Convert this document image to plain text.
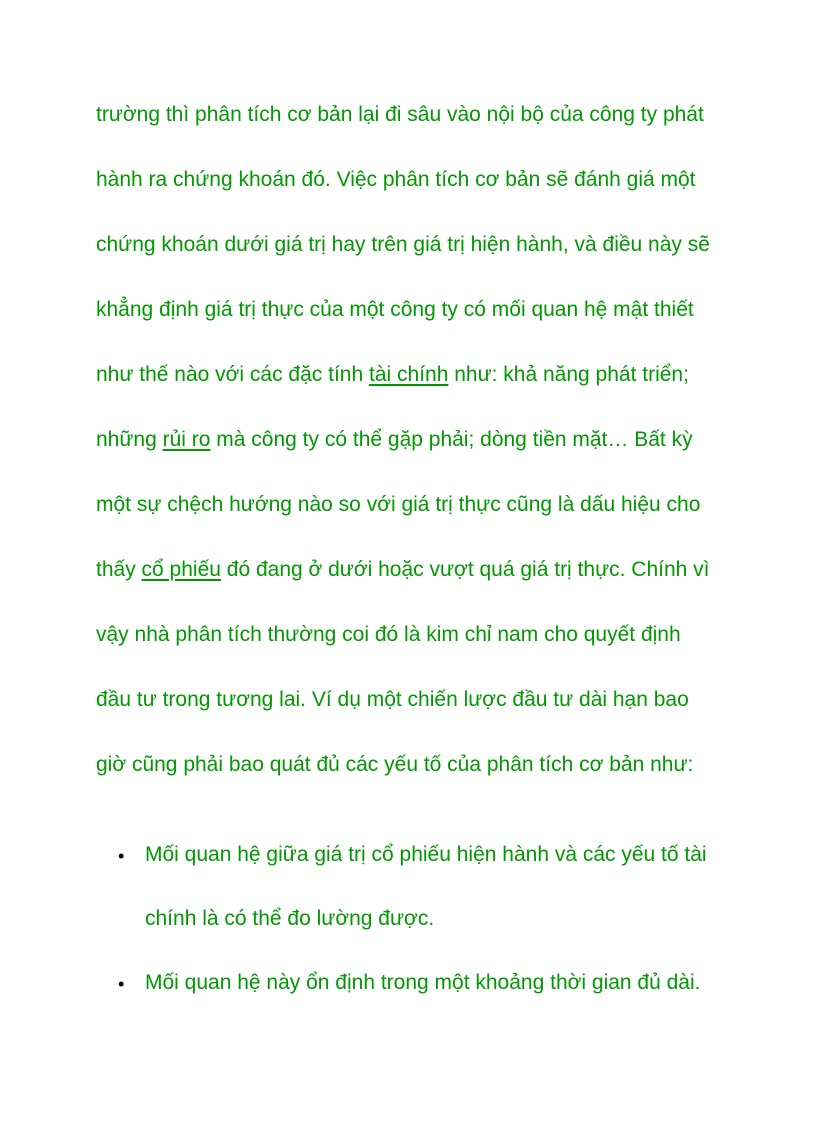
trường thì phân tích cơ bản lại đi sâu vào nội bộ của công ty phát
hành ra chứng khoán đó. Việc phân tích cơ bản sẽ đánh giá một
chứng khoán dưới giá trị hay trên giá trị hiện hành, và điều này sẽ
khẳng định giá trị thực của một công ty có mối quan hệ mật thiết
như thế nào với các đặc tính tài chính như: khả năng phát triển;
những rủi ro mà công ty có thể gặp phải; dòng tiền mặt… Bất kỳ
một sự chệch hướng nào so với giá trị thực cũng là dấu hiệu cho
thấy cổ phiếu đó đang ở dưới hoặc vượt quá giá trị thực. Chính vì
vậy nhà phân tích thường coi đó là kim chỉ nam cho quyết định
đầu tư trong tương lai. Ví dụ một chiến lược đầu tư dài hạn bao
giờ cũng phải bao quát đủ các yếu tố của phân tích cơ bản như:
• Mối quan hệ giữa giá trị cổ phiếu hiện hành và các yếu tố tài
chính là có thể đo lường được.
• Mối quan hệ này ổn định trong một khoảng thời gian đủ dài.
